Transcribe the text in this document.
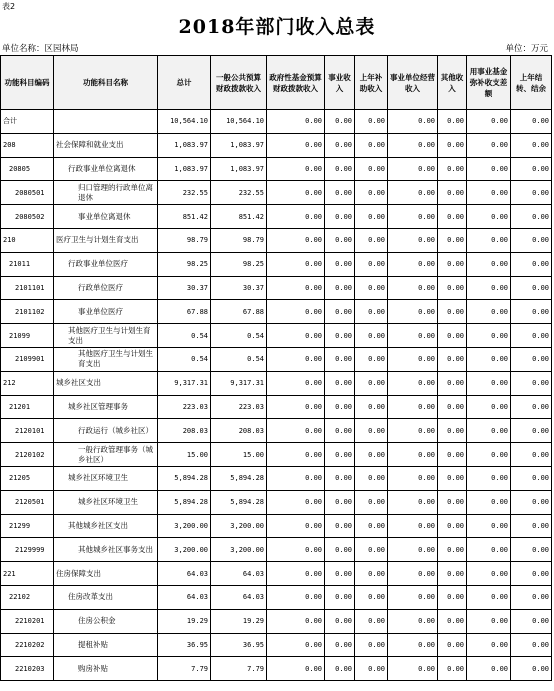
表2
2018年部门收入总表
单位名称：区园林局	单位：万元
功能科目编码	功能科目名称	总计	一般公共预算财政拨款收入	政府性基金预算财政拨款收入	事业收入	上年补助收入	事业单位经营收入	其他收入	用事业基金弥补收支差额	上年结转、结余
合计		10,564.10	10,564.10	0.00	0.00	0.00	0.00	0.00	0.00	0.00
208	社会保障和就业支出	1,083.97	1,083.97	0.00	0.00	0.00	0.00	0.00	0.00	0.00
20805	行政事业单位离退休	1,083.97	1,083.97	0.00	0.00	0.00	0.00	0.00	0.00	0.00
2080501	归口管理的行政单位离退休	232.55	232.55	0.00	0.00	0.00	0.00	0.00	0.00	0.00
2080502	事业单位离退休	851.42	851.42	0.00	0.00	0.00	0.00	0.00	0.00	0.00
210	医疗卫生与计划生育支出	98.79	98.79	0.00	0.00	0.00	0.00	0.00	0.00	0.00
21011	行政事业单位医疗	98.25	98.25	0.00	0.00	0.00	0.00	0.00	0.00	0.00
2101101	行政单位医疗	30.37	30.37	0.00	0.00	0.00	0.00	0.00	0.00	0.00
2101102	事业单位医疗	67.88	67.88	0.00	0.00	0.00	0.00	0.00	0.00	0.00
21099	其他医疗卫生与计划生育支出	0.54	0.54	0.00	0.00	0.00	0.00	0.00	0.00	0.00
2109901	其他医疗卫生与计划生育支出	0.54	0.54	0.00	0.00	0.00	0.00	0.00	0.00	0.00
212	城乡社区支出	9,317.31	9,317.31	0.00	0.00	0.00	0.00	0.00	0.00	0.00
21201	城乡社区管理事务	223.03	223.03	0.00	0.00	0.00	0.00	0.00	0.00	0.00
2120101	行政运行（城乡社区）	208.03	208.03	0.00	0.00	0.00	0.00	0.00	0.00	0.00
2120102	一般行政管理事务（城乡社区）	15.00	15.00	0.00	0.00	0.00	0.00	0.00	0.00	0.00
21205	城乡社区环境卫生	5,894.28	5,894.28	0.00	0.00	0.00	0.00	0.00	0.00	0.00
2120501	城乡社区环境卫生	5,894.28	5,894.28	0.00	0.00	0.00	0.00	0.00	0.00	0.00
21299	其他城乡社区支出	3,200.00	3,200.00	0.00	0.00	0.00	0.00	0.00	0.00	0.00
2129999	其他城乡社区事务支出	3,200.00	3,200.00	0.00	0.00	0.00	0.00	0.00	0.00	0.00
221	住房保障支出	64.03	64.03	0.00	0.00	0.00	0.00	0.00	0.00	0.00
22102	住房改革支出	64.03	64.03	0.00	0.00	0.00	0.00	0.00	0.00	0.00
2210201	住房公积金	19.29	19.29	0.00	0.00	0.00	0.00	0.00	0.00	0.00
2210202	提租补贴	36.95	36.95	0.00	0.00	0.00	0.00	0.00	0.00	0.00
2210203	购房补贴	7.79	7.79	0.00	0.00	0.00	0.00	0.00	0.00	0.00
